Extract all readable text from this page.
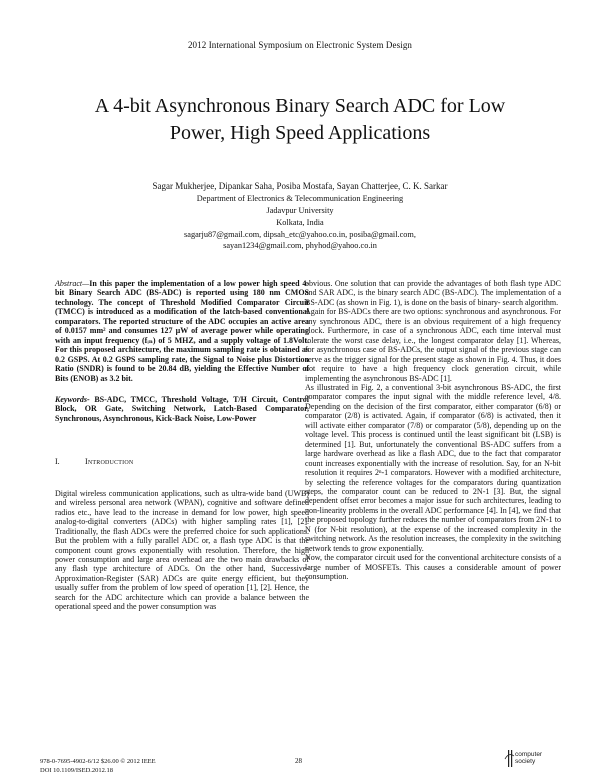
2012 International Symposium on Electronic System Design
A 4-bit Asynchronous Binary Search ADC for Low
Power, High Speed Applications
Sagar Mukherjee, Dipankar Saha, Posiba Mostafa, Sayan Chatterjee, C. K. Sarkar
Department of Electronics & Telecommunication Engineering
Jadavpur University
Kolkata, India
sagarju87@gmail.com, dipsah_etc@yahoo.co.in, posiba@gmail.com,
sayan1234@gmail.com, phyhod@yahoo.co.in

Abstract—In this paper the implementation of a low power high speed 4-bit Binary Search ADC (BS-ADC) is reported using 180 nm CMOS technology. The concept of Threshold Modified Comparator Circuit (TMCC) is introduced as a modification of the latch-based conventional comparators. The reported structure of the ADC occupies an active area of 0.0157 mm² and consumes 127 µW of average power while operating with an input frequency (fᵢₙ) of 5 MHZ, and a supply voltage of 1.8Volt. For this proposed architecture, the maximum sampling rate is obtained as 0.2 GSPS. At 0.2 GSPS sampling rate, the Signal to Noise plus Distortion Ratio (SNDR) is found to be 20.84 dB, yielding the Effective Number of Bits (ENOB) as 3.2 bit.

Keywords- BS-ADC, TMCC, Threshold Voltage, T/H Circuit, Control Block, OR Gate, Switching Network, Latch-Based Comparator, Synchronous, Asynchronous, Kick-Back Noise, Low-Power

I.	Introduction

Digital wireless communication applications, such as ultra-wide band (UWB) and wireless personal area network (WPAN), cognitive and software defined radios etc., have lead to the increase in demand for low power, high speed analog-to-digital converters (ADCs) with higher sampling rates [1], [2]. Traditionally, the flash ADCs were the preferred choice for such applications. But the problem with a fully parallel ADC or, a flash type ADC is that the component count grows exponentially with resolution. Therefore, the high power consumption and large area overhead are the two main drawbacks of any flash type architecture of ADCs. On the other hand, Successive-Approximation-Register (SAR) ADCs are quite energy efficient, but they usually suffer from the problem of low speed of operation [1], [2]. Hence, the search for the ADC architecture which can provide a balance between the operational speed and the power consumption was

obvious. One solution that can provide the advantages of both flash type ADC and SAR ADC, is the binary search ADC (BS-ADC). The implementation of a BS-ADC (as shown in Fig. 1), is done on the basis of binary- search algorithm.

Again for BS-ADCs there are two options: synchronous and asynchronous. For any synchronous ADC, there is an obvious requirement of a high frequency clock. Furthermore, in case of a synchronous ADC, each time interval must tolerate the worst case delay, i.e., the longest comparator delay [1]. Whereas, for asynchronous case of BS-ADCs, the output signal of the previous stage can serve as the trigger signal for the present stage as shown in Fig. 4. Thus, it does not require to have a high frequency clock generation circuit, while implementing the asynchronous BS-ADC [1].

As illustrated in Fig. 2, a conventional 3-bit asynchronous BS-ADC, the first comparator compares the input signal with the middle reference level, 4/8. Depending on the decision of the first comparator, either comparator (6/8) or comparator (2/8) is activated. Again, if comparator (6/8) is activated, then it will activate either comparator (7/8) or comparator (5/8), depending up on the voltage level. This process is continued until the least significant bit (LSB) is determined [1]. But, unfortunately the conventional BS-ADC suffers from a large hardware overhead as like a flash ADC, due to the fact that comparator count increases exponentially with the increase of resolution. Say, for an N-bit resolution it requires 2ⁿ-1 comparators. However with a modified architecture, by selecting the reference voltages for the comparators during quantization steps, the comparator count can be reduced to 2N-1 [3]. But, the signal dependent offset error becomes a major issue for such architectures, leading to non-linearity problems in the overall ADC performance [4]. In [4], we find that the proposed topology further reduces the number of comparators from 2N-1 to N (for N-bit resolution), at the expense of the increased complexity in the switching network. As the resolution increases, the complexity in the switching network tends to grow exponentially.

Now, the comparator circuit used for the conventional architecture consists of a large number of MOSFETs. This causes a considerable amount of power consumption.

978-0-7695-4902-6/12 $26.00 © 2012 IEEE
DOI 10.1109/ISED.2012.18
28
computer
society
